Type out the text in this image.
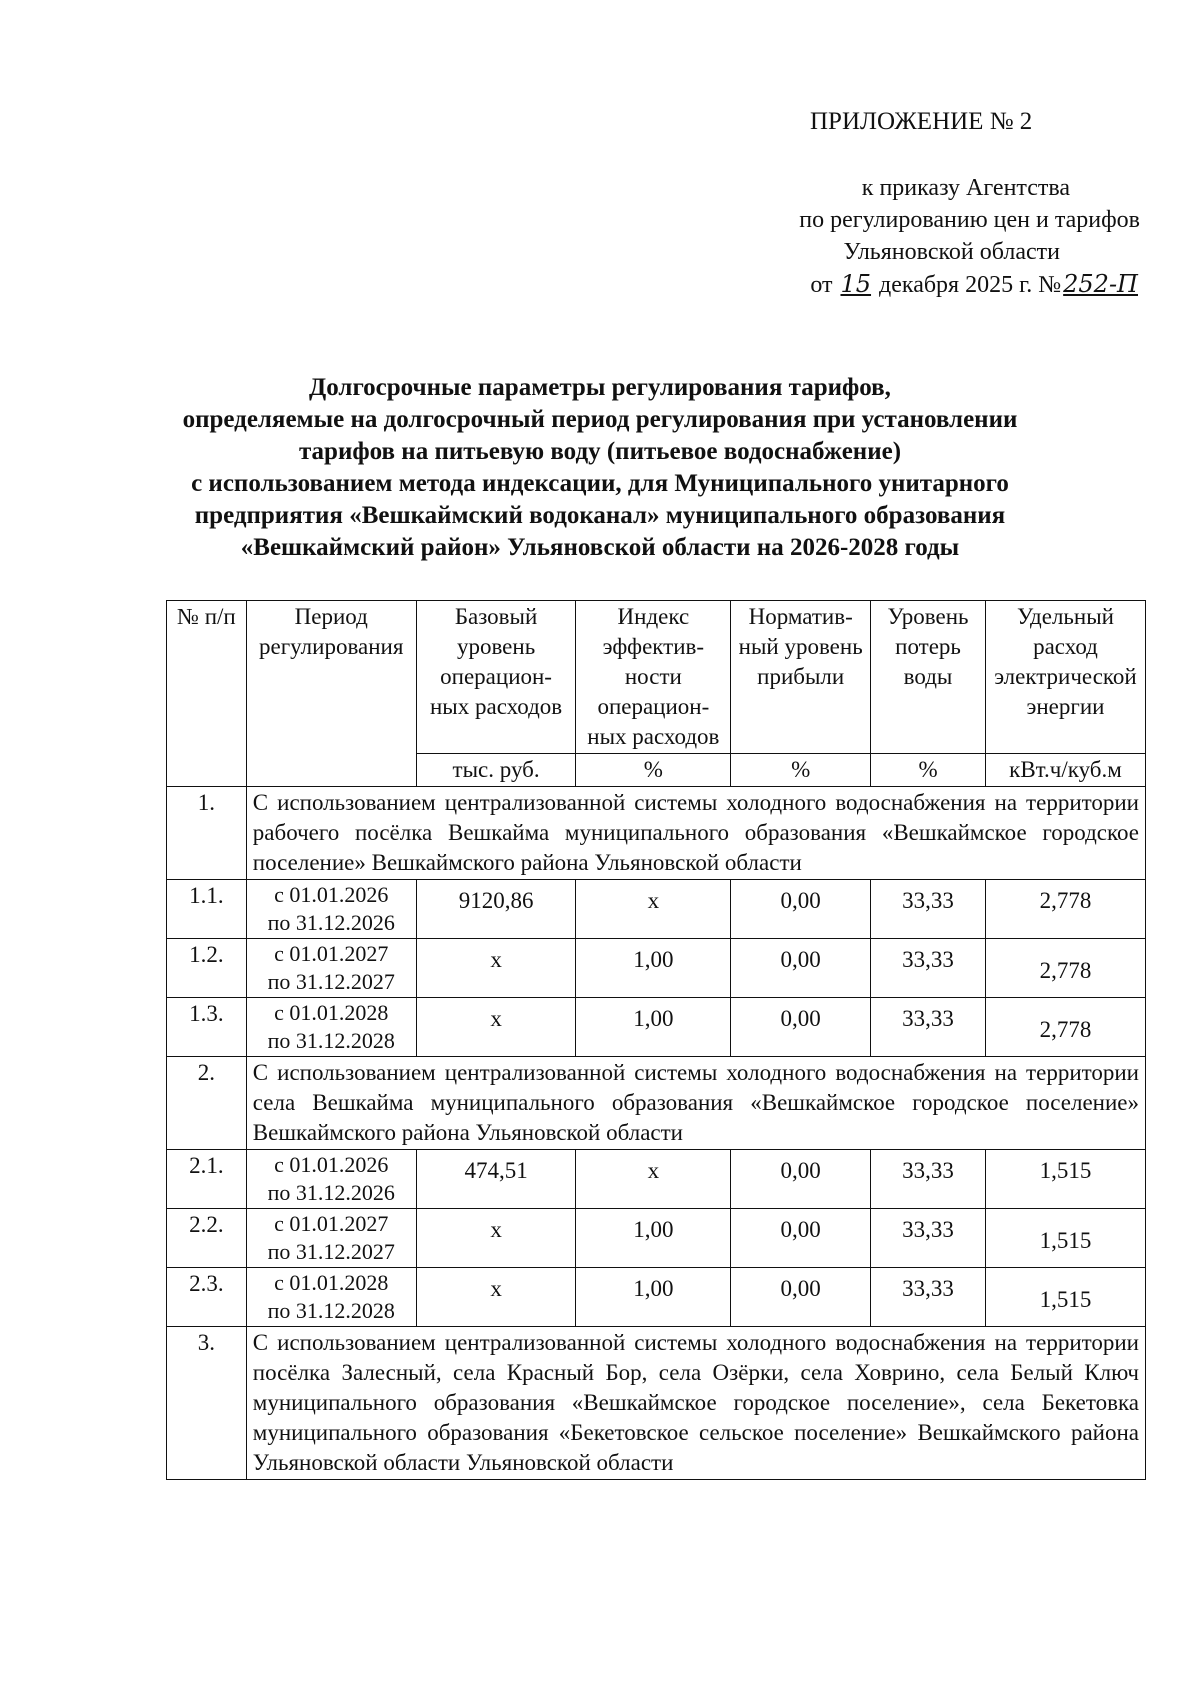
ПРИЛОЖЕНИЕ № 2
к приказу Агентства
по регулированию цен и тарифов
Ульяновской области
от 15 декабря 2025 г. №252-П
Долгосрочные параметры регулирования тарифов,
определяемые на долгосрочный период регулирования при установлении
тарифов на питьевую воду (питьевое водоснабжение)
с использованием метода индексации, для Муниципального унитарного
предприятия «Вешкаймский водоканал» муниципального образования
«Вешкаймский район» Ульяновской области на 2026-2028 годы
№ п/п	Период регулирования	Базовый уровень операцион-ных расходов	Индекс эффектив-ности операцион-ных расходов	Норматив-ный уровень прибыли	Уровень потерь воды	Удельный расход электрической энергии
		тыс. руб.	%	%	%	кВт.ч/куб.м
1.	С использованием централизованной системы холодного водоснабжения на территории рабочего посёлка Вешкайма муниципального образования «Вешкаймское городское поселение» Вешкаймского района Ульяновской области					
1.1.	с 01.01.2026
по 31.12.2026	9120,86	x	0,00	33,33	2,778
1.2.	с 01.01.2027
по 31.12.2027	x	1,00	0,00	33,33	2,778
1.3.	с 01.01.2028
по 31.12.2028	x	1,00	0,00	33,33	2,778
2.	С использованием централизованной системы холодного водоснабжения на территории села Вешкайма муниципального образования «Вешкаймское городское поселение» Вешкаймского района Ульяновской области					
2.1.	с 01.01.2026
по 31.12.2026	474,51	x	0,00	33,33	1,515
2.2.	с 01.01.2027
по 31.12.2027	x	1,00	0,00	33,33	1,515
2.3.	с 01.01.2028
по 31.12.2028	x	1,00	0,00	33,33	1,515
3.	С использованием централизованной системы холодного водоснабжения на территории посёлка Залесный, села Красный Бор, села Озёрки, села Ховрино, села Белый Ключ муниципального образования «Вешкаймское городское поселение», села Бекетовка муниципального образования «Бекетовское сельское поселение» Вешкаймского района Ульяновской области Ульяновской области					
